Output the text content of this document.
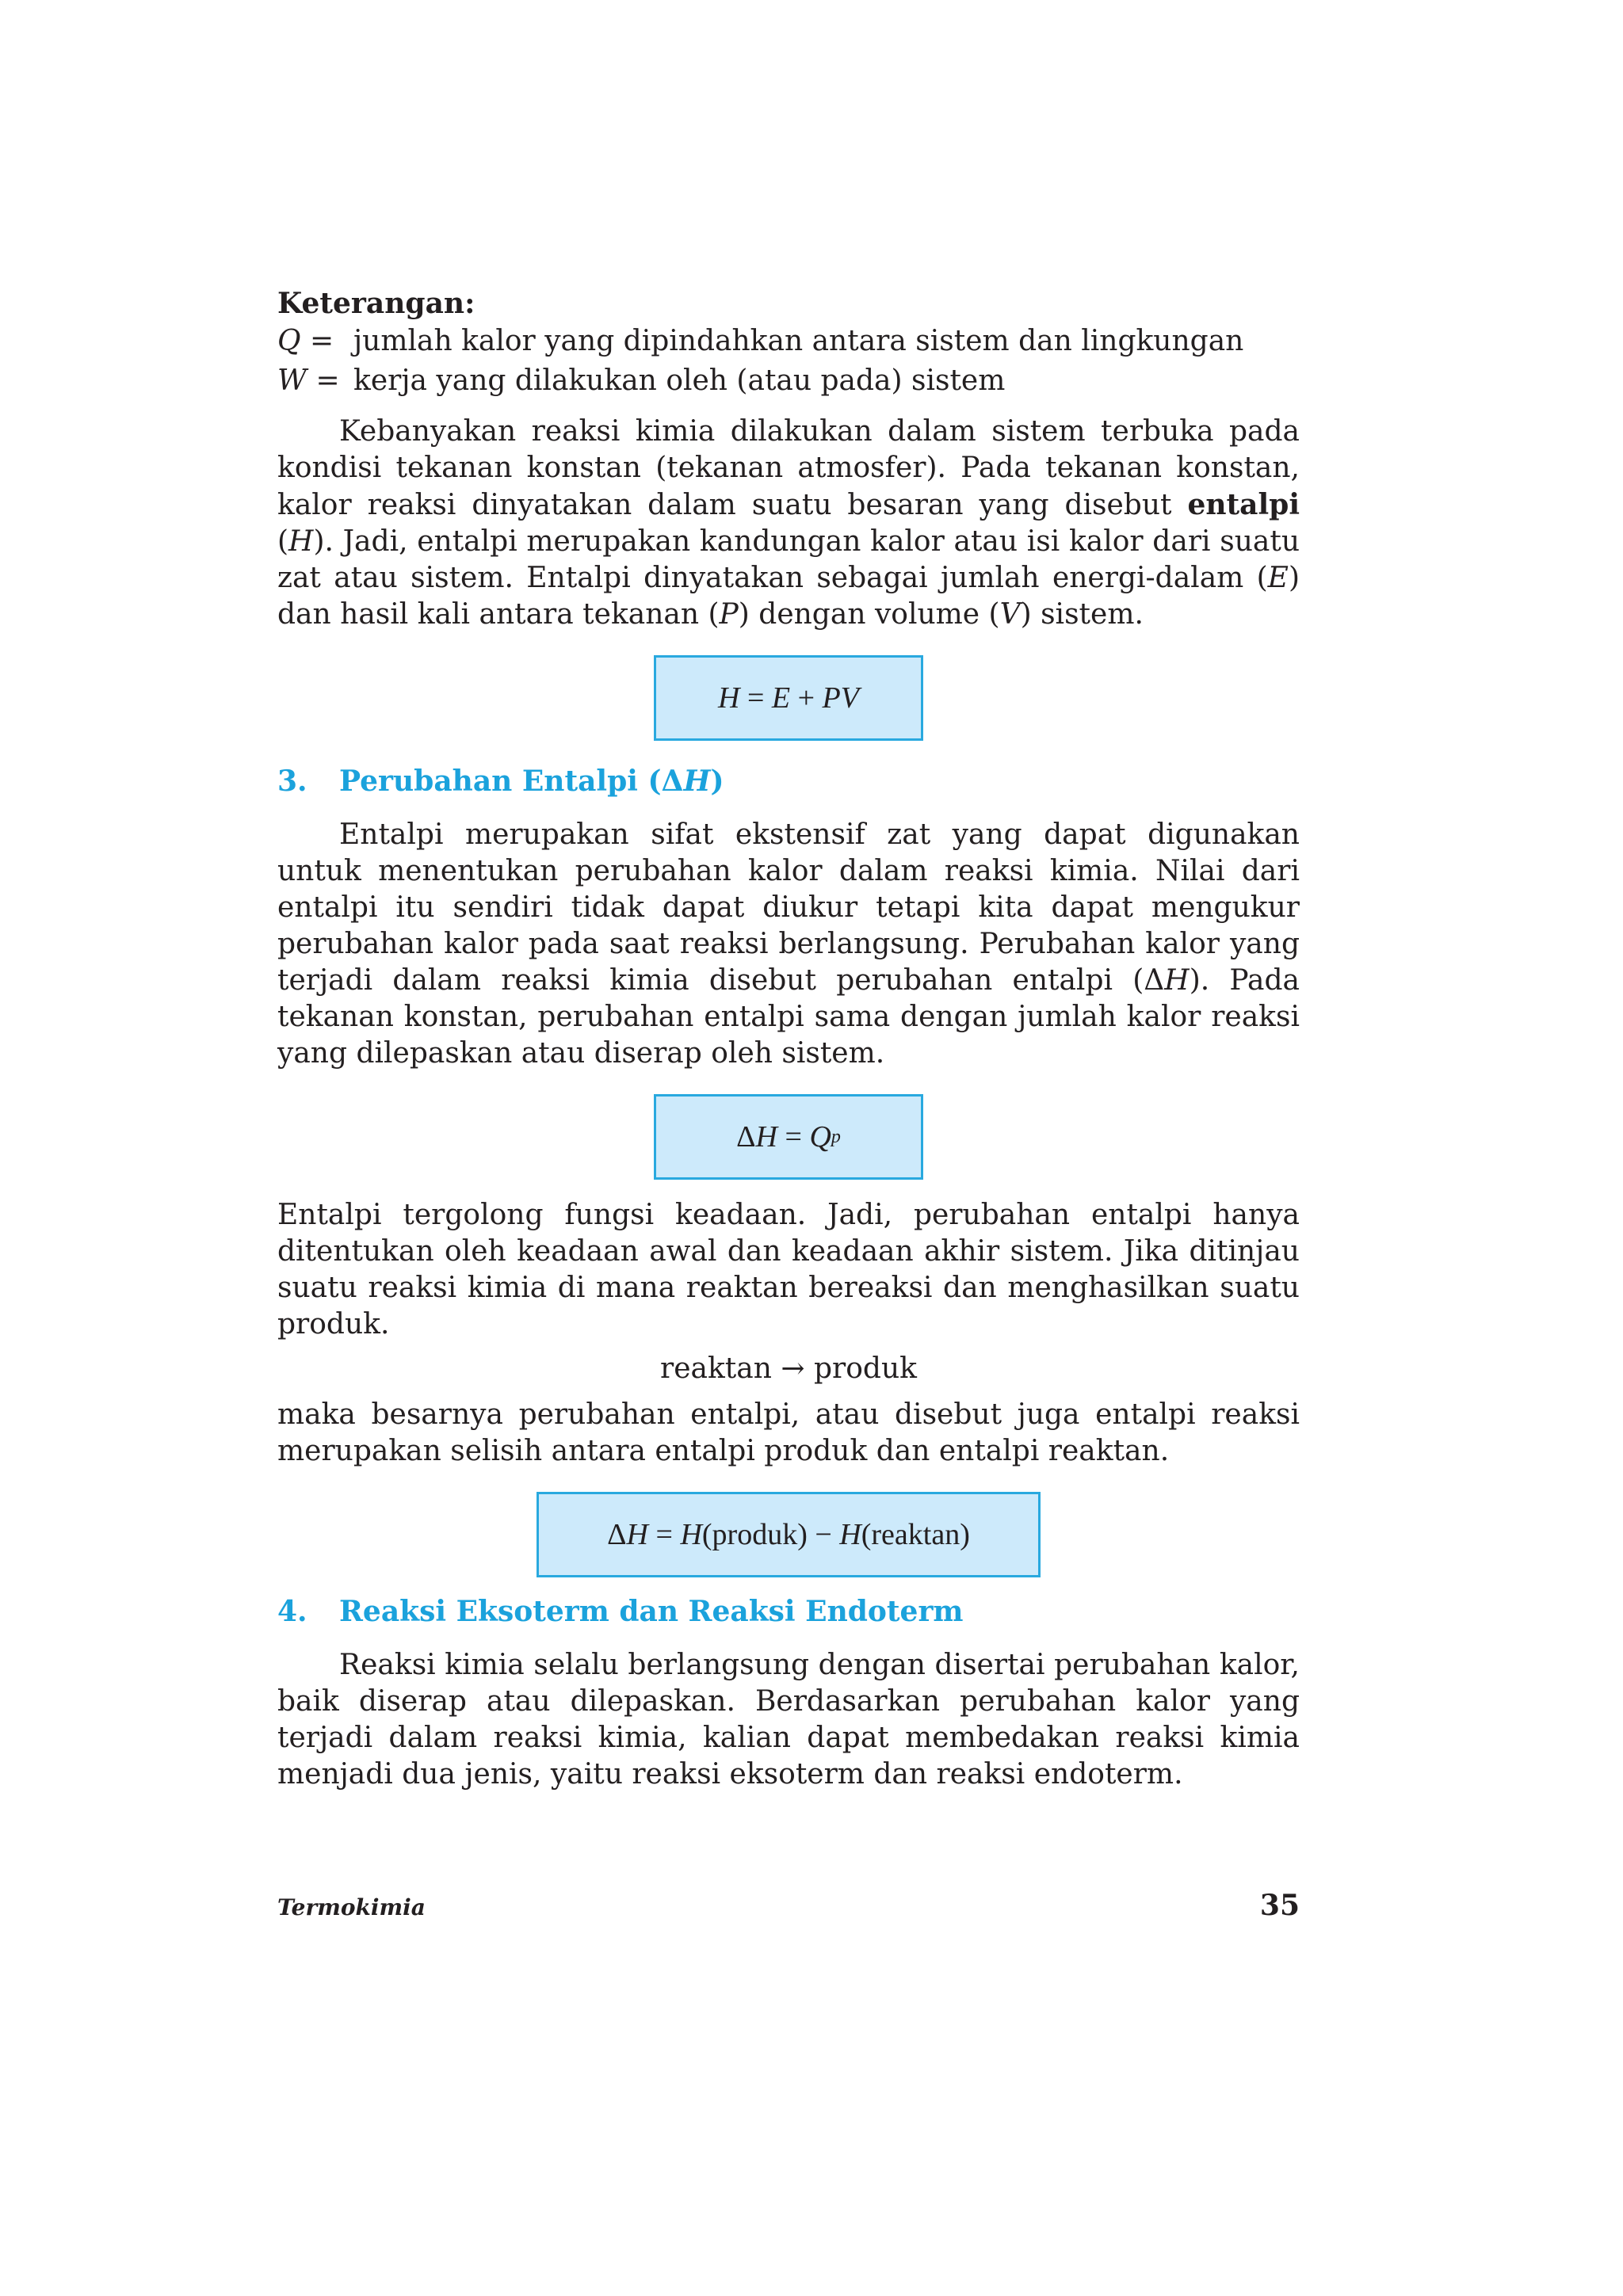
Keterangan:

Q = jumlah kalor yang dipindahkan antara sistem dan lingkungan
W = kerja yang dilakukan oleh (atau pada) sistem

Kebanyakan reaksi kimia dilakukan dalam sistem terbuka pada kondisi tekanan konstan (tekanan atmosfer). Pada tekanan konstan, kalor reaksi dinyatakan dalam suatu besaran yang disebut entalpi (H). Jadi, entalpi merupakan kandungan kalor atau isi kalor dari suatu zat atau sistem. Entalpi dinyatakan sebagai jumlah energi-dalam (E) dan hasil kali antara tekanan (P) dengan volume (V) sistem.

H = E + PV
3.	Perubahan Entalpi (ΔH)

Entalpi merupakan sifat ekstensif zat yang dapat digunakan untuk menentukan perubahan kalor dalam reaksi kimia. Nilai dari entalpi itu sendiri tidak dapat diukur tetapi kita dapat mengukur perubahan kalor pada saat reaksi berlangsung. Perubahan kalor yang terjadi dalam reaksi kimia disebut perubahan entalpi (ΔH). Pada tekanan konstan, perubahan entalpi sama dengan jumlah kalor reaksi yang dilepaskan atau diserap oleh sistem.

Δ H = Q p

Entalpi tergolong fungsi keadaan. Jadi, perubahan entalpi hanya ditentukan oleh keadaan awal dan keadaan akhir sistem. Jika ditinjau suatu reaksi kimia di mana reaktan bereaksi dan menghasilkan suatu produk.

reaktan → produk

maka besarnya perubahan entalpi, atau disebut juga entalpi reaksi merupakan selisih antara entalpi produk dan entalpi reaktan.

Δ H = H (produk) − H (reaktan)
4.	Reaksi Eksoterm dan Reaksi Endoterm

Reaksi kimia selalu berlangsung dengan disertai perubahan kalor, baik diserap atau dilepaskan. Berdasarkan perubahan kalor yang terjadi dalam reaksi kimia, kalian dapat membedakan reaksi kimia menjadi dua jenis, yaitu reaksi eksoterm dan reaksi endoterm.

Termokimia	35
